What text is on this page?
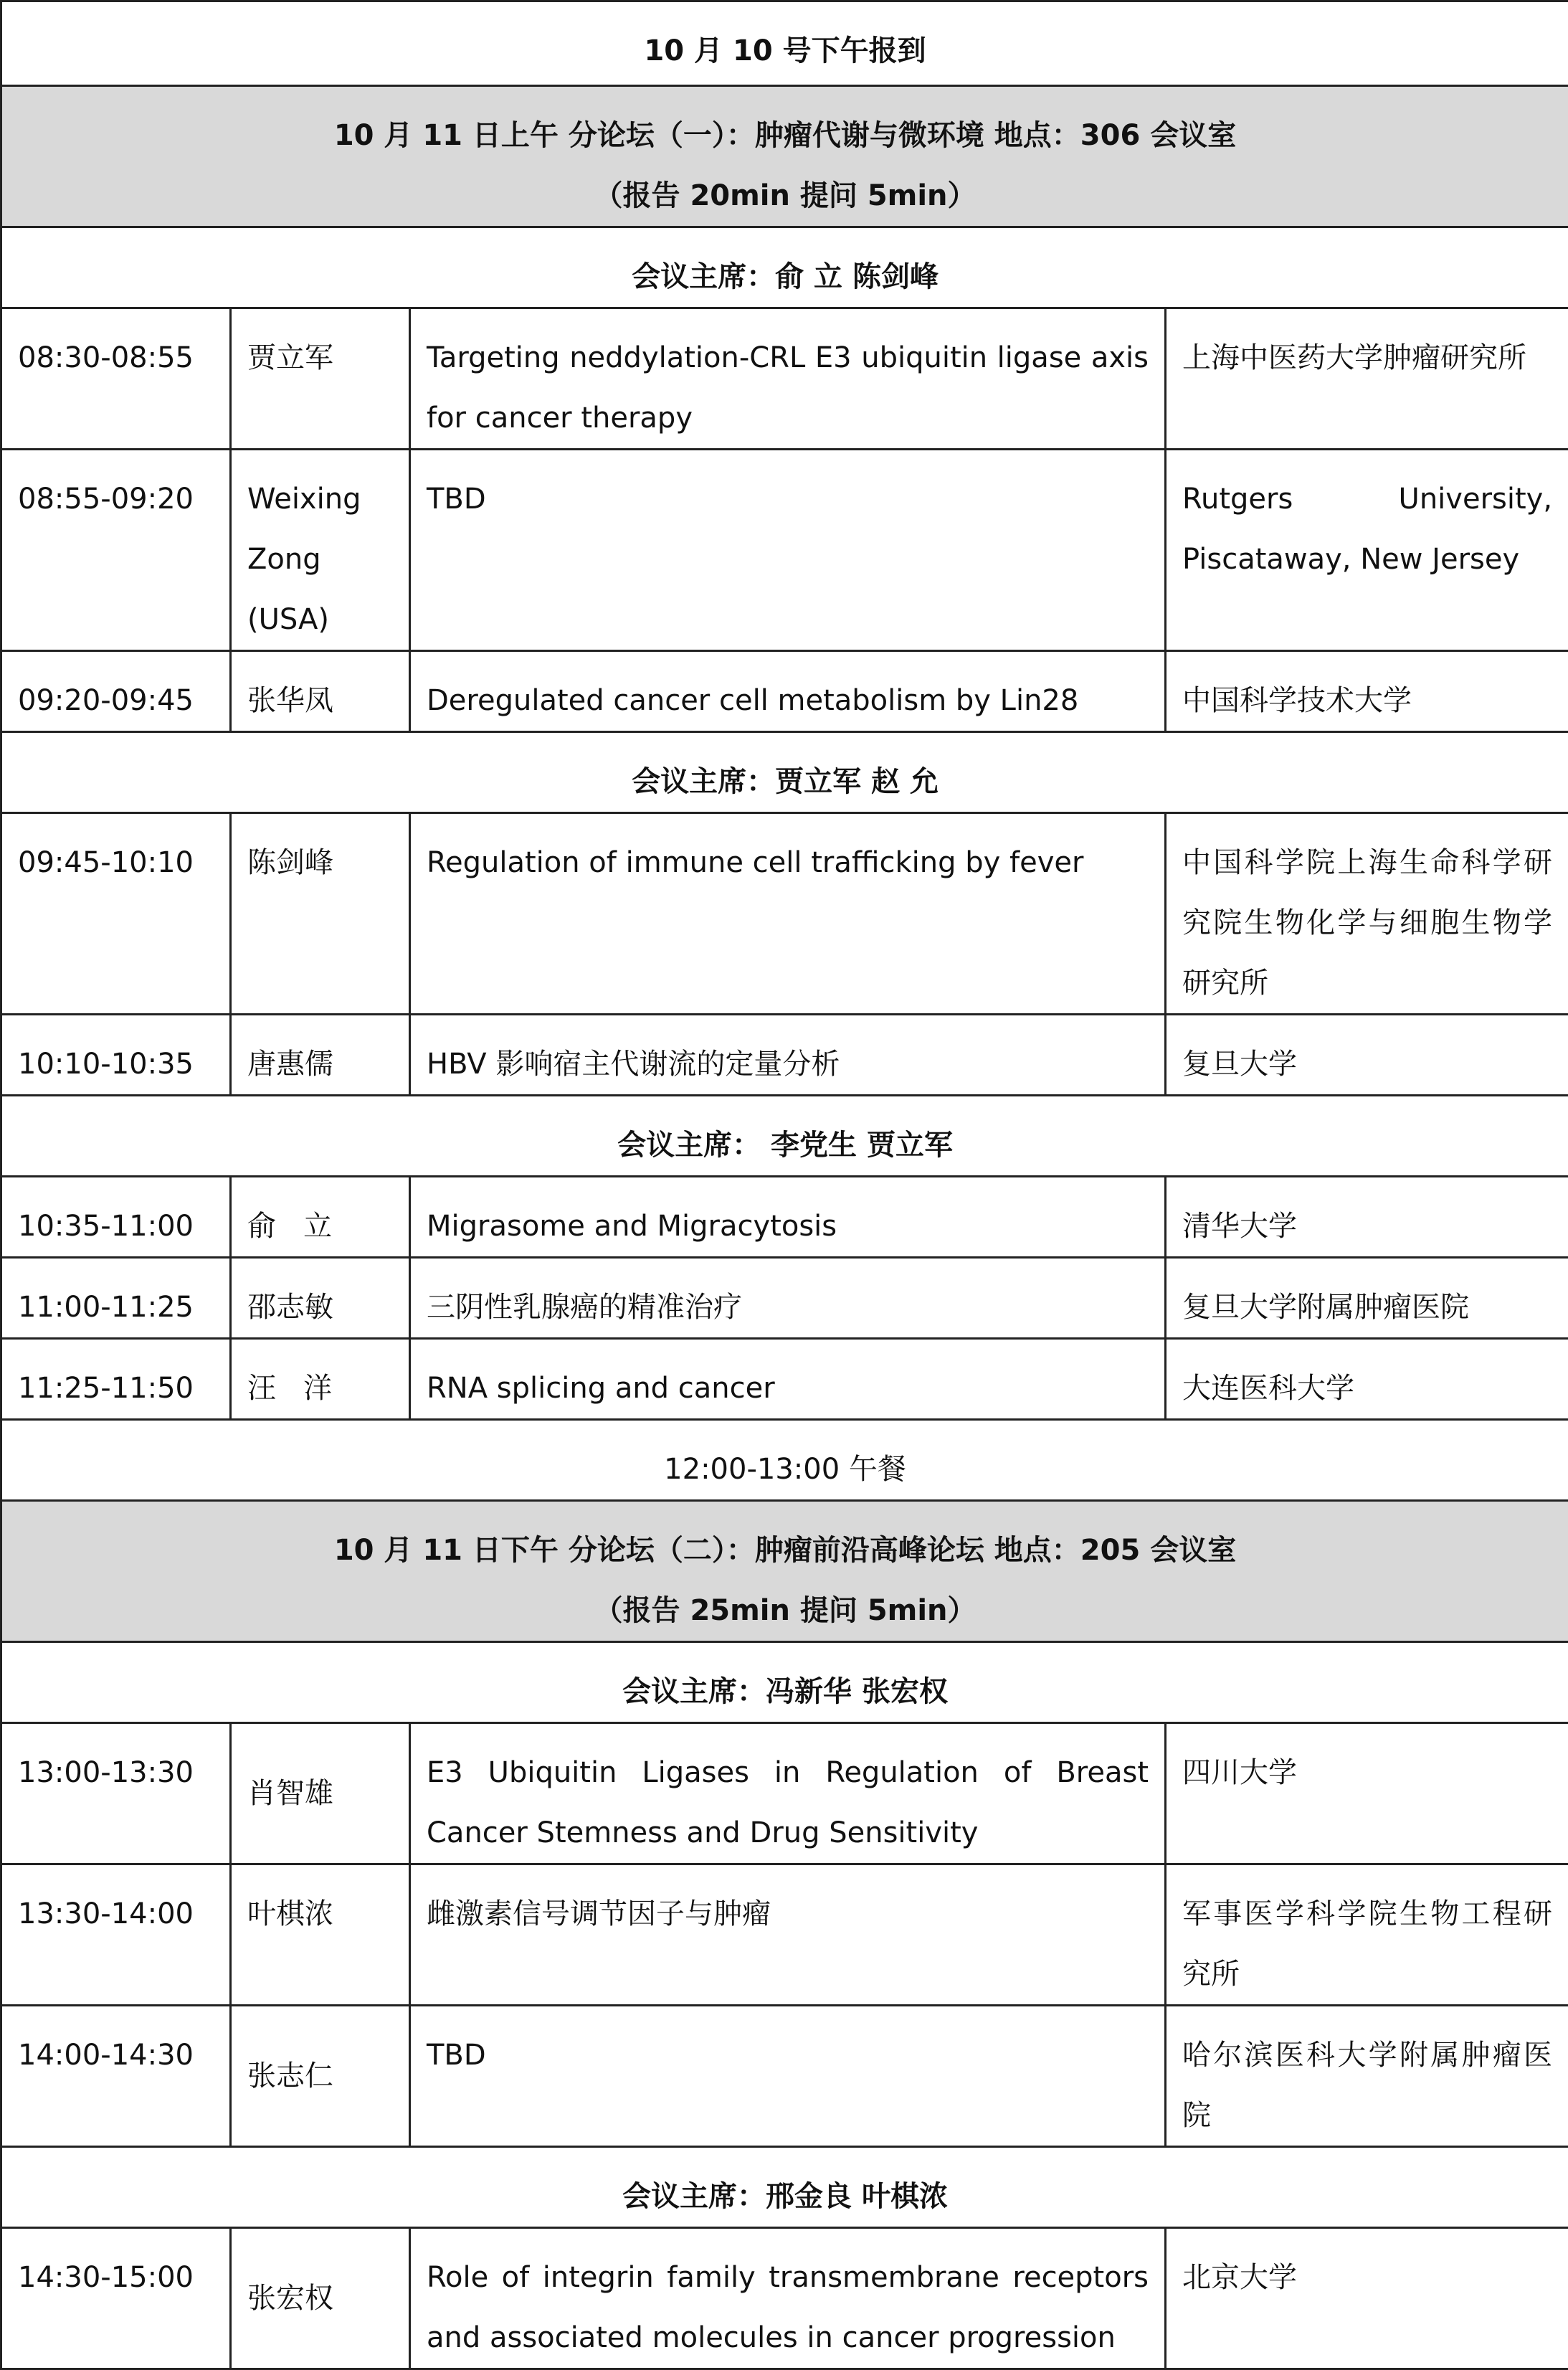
10 月 10 号下午报到			

10 月 11 日上午 分论坛（一）：肿瘤代谢与微环境 地点：306 会议室
（报告 20min 提问 5min）			

会议主席：俞 立 陈剑峰			
08:30-08:55	贾立军	Targeting neddylation-CRL E3 ubiquitin ligase axis for cancer therapy	上海中医药大学肿瘤研究所
08:55-09:20	Weixing Zong (USA)	TBD	Rutgers University, Piscataway, New Jersey

09:20-09:45	张华凤	Deregulated cancer cell metabolism by Lin28	中国科学技术大学
会议主席：贾立军 赵 允			
09:45-10:10	陈剑峰	Regulation of immune cell trafficking by fever	中国科学院上海生命科学研究院生物化学与细胞生物学研究所
10:10-10:35	唐惠儒	HBV 影响宿主代谢流的定量分析	复旦大学
会议主席： 李党生 贾立军			
10:35-11:00	俞   立	Migrasome and Migracytosis	清华大学
11:00-11:25	邵志敏	三阴性乳腺癌的精准治疗	复旦大学附属肿瘤医院
11:25-11:50	汪   洋	RNA splicing and cancer	大连医科大学
12:00-13:00 午餐			

10 月 11 日下午 分论坛（二）：肿瘤前沿高峰论坛 地点：205 会议室
（报告 25min 提问 5min）			

会议主席：冯新华 张宏权			
13:00-13:30	肖智雄	E3 Ubiquitin Ligases in Regulation of Breast Cancer Stemness and Drug Sensitivity	四川大学
13:30-14:00	叶棋浓	雌激素信号调节因子与肿瘤	军事医学科学院生物工程研究所
14:00-14:30	张志仁	TBD	哈尔滨医科大学附属肿瘤医院
会议主席：邢金良 叶棋浓			
14:30-15:00	张宏权	Role of integrin family transmembrane receptors and associated molecules in cancer progression	北京大学
